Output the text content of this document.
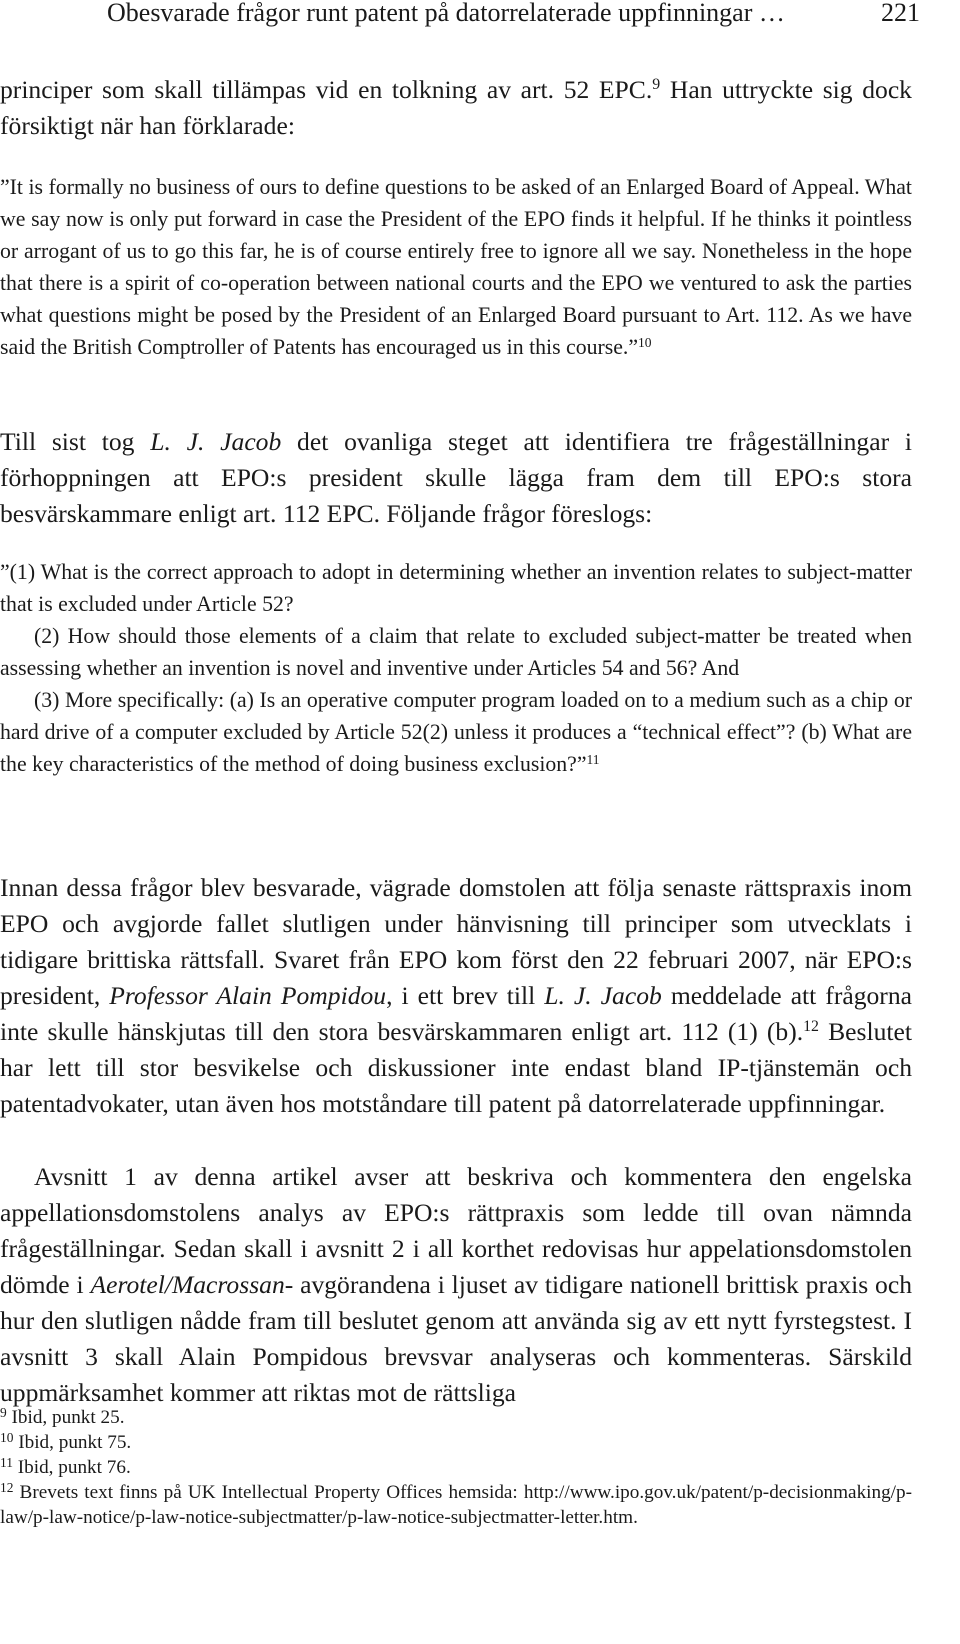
Obesvarade frågor runt patent på datorrelaterade uppfinningar …	221

principer som skall tillämpas vid en tolkning av art. 52 EPC.$^9$ Han uttryckte sig dock försiktigt när han förklarade:

”It is formally no business of ours to define questions to be asked of an Enlarged Board of Appeal. What we say now is only put forward in case the President of the EPO finds it helpful. If he thinks it pointless or arrogant of us to go this far, he is of course entirely free to ignore all we say. Nonetheless in the hope that there is a spirit of co-operation between national courts and the EPO we ventured to ask the parties what questions might be posed by the President of an Enlarged Board pursuant to Art. 112. As we have said the British Comptroller of Patents has encouraged us in this course.”$^{10}$

Till sist tog L. J. Jacob det ovanliga steget att identifiera tre frågeställningar i förhoppningen att EPO:s president skulle lägga fram dem till EPO:s stora besvärskammare enligt art. 112 EPC. Följande frågor föreslogs:

”(1) What is the correct approach to adopt in determining whether an invention relates to subject-matter that is excluded under Article 52?

(2) How should those elements of a claim that relate to excluded subject-matter be treated when assessing whether an invention is novel and inventive under Articles 54 and 56? And

(3) More specifically: (a) Is an operative computer program loaded on to a medium such as a chip or hard drive of a computer excluded by Article 52(2) unless it produces a “technical effect”? (b) What are the key characteristics of the method of doing business exclusion?”$^{11}$

Innan dessa frågor blev besvarade, vägrade domstolen att följa senaste rättspraxis inom EPO och avgjorde fallet slutligen under hänvisning till principer som utvecklats i tidigare brittiska rättsfall. Svaret från EPO kom först den 22 februari 2007, när EPO:s president, Professor Alain Pompidou, i ett brev till L. J. Jacob meddelade att frågorna inte skulle hänskjutas till den stora besvärskammaren enligt art. 112 (1) (b).$^{12}$ Beslutet har lett till stor besvikelse och diskussioner inte endast bland IP-tjänstemän och patentadvokater, utan även hos motståndare till patent på datorrelaterade uppfinningar.

Avsnitt 1 av denna artikel avser att beskriva och kommentera den engelska appellationsdomstolens analys av EPO:s rättpraxis som ledde till ovan nämnda frågeställningar. Sedan skall i avsnitt 2 i all korthet redovisas hur appelationsdomstolen dömde i Aerotel/Macrossan- avgörandena i ljuset av tidigare nationell brittisk praxis och hur den slutligen nådde fram till beslutet genom att använda sig av ett nytt fyrstegstest. I avsnitt 3 skall Alain Pompidous brevsvar analyseras och kommenteras. Särskild uppmärksamhet kommer att riktas mot de rättsliga

$^9$ Ibid, punkt 25.

$^{10}$ Ibid, punkt 75.

$^{11}$ Ibid, punkt 76.

$^{12}$ Brevets text finns på UK Intellectual Property Offices hemsida: http://www.ipo.gov.uk/patent/p-decisionmaking/p-law/p-law-notice/p-law-notice-subjectmatter/p-law-notice-subjectmatter-letter.htm.
